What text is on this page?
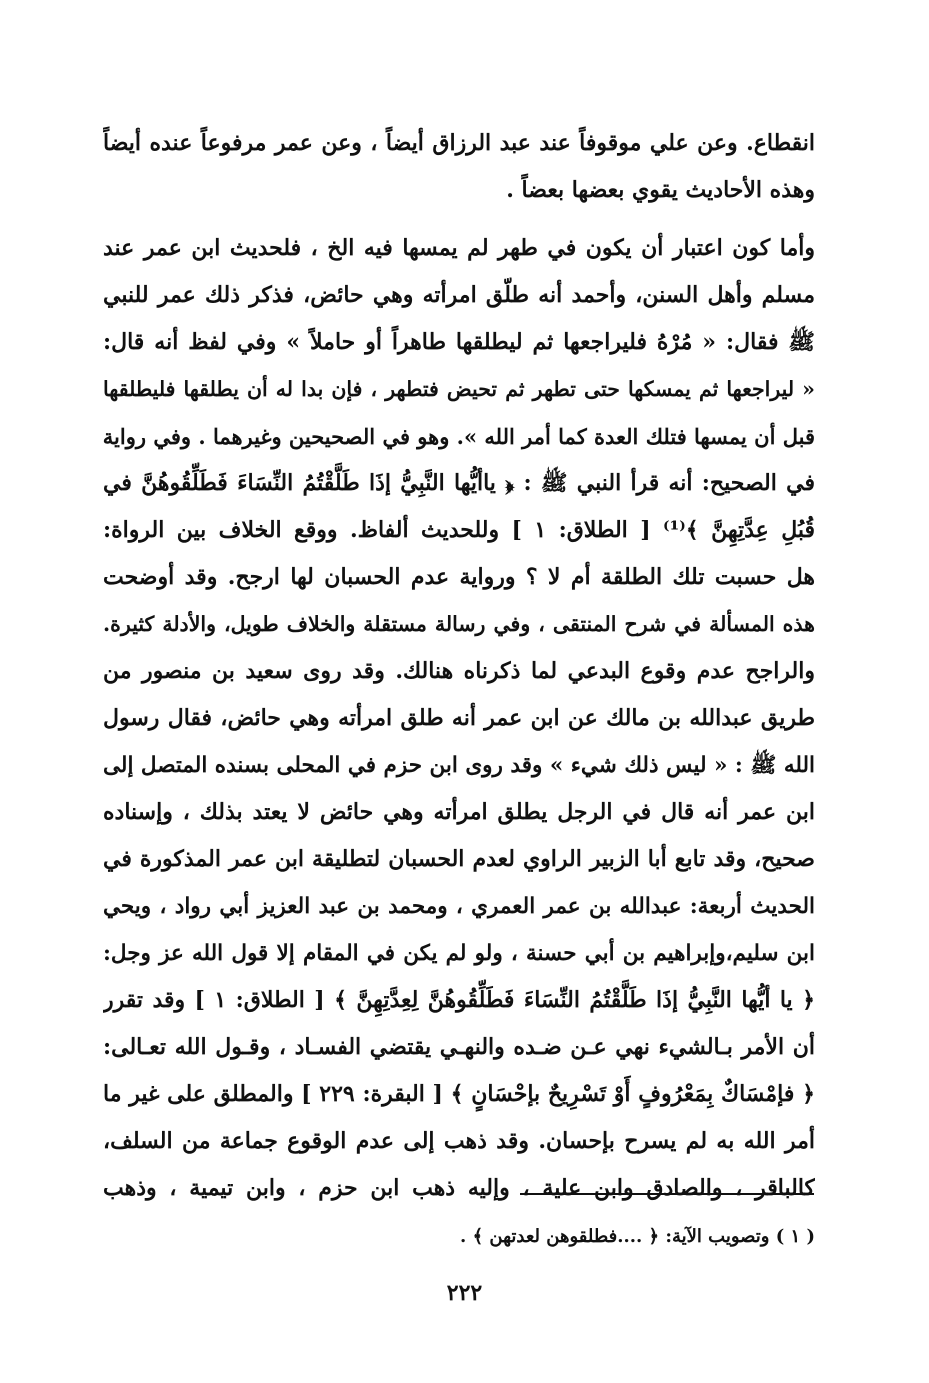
انقطاع. وعن علي موقوفاً عند عبد الرزاق أيضاً ، وعن عمر مرفوعاً عنده أيضاً
وهذه الأحاديث يقوي بعضها بعضاً .
وأما كون اعتبار أن يكون في طهر لم يمسها فيه الخ ، فلحديث ابن عمر عند
مسلم وأهل السنن، وأحمد أنه طلّق امرأته وهي حائض، فذكر ذلك عمر للنبي
ﷺ فقال: « مُرْهُ فليراجعها ثم ليطلقها طاهراً أو حاملاً » وفي لفظ أنه قال:
« ليراجعها ثم يمسكها حتى تطهر ثم تحيض فتطهر ، فإن بدا له أن يطلقها فليطلقها
قبل أن يمسها فتلك العدة كما أمر الله ». وهو في الصحيحين وغيرهما . وفي رواية
في الصحيح: أنه قرأ النبي ﷺ : ﴿ ياأيُّها النَّبِيُّ إذَا طَلَّقْتُمُ النِّسَاءَ فَطَلِّقُوهُنَّ في
قُبُلِ عِدَّتِهِنَّ ﴾⁽¹⁾ [ الطلاق: ١ ] وللحديث ألفاظ. ووقع الخلاف بين الرواة:
هل حسبت تلك الطلقة أم لا ؟ ورواية عدم الحسبان لها ارجح. وقد أوضحت
هذه المسألة في شرح المنتقى ، وفي رسالة مستقلة والخلاف طويل، والأدلة كثيرة.
والراجح عدم وقوع البدعي لما ذكرناه هنالك. وقد روى سعيد بن منصور من
طريق عبدالله بن مالك عن ابن عمر أنه طلق امرأته وهي حائض، فقال رسول
الله ﷺ : « ليس ذلك شيء » وقد روى ابن حزم في المحلى بسنده المتصل إلى
ابن عمر أنه قال في الرجل يطلق امرأته وهي حائض لا يعتد بذلك ، وإسناده
صحيح، وقد تابع أبا الزبير الراوي لعدم الحسبان لتطليقة ابن عمر المذكورة في
الحديث أربعة: عبدالله بن عمر العمري ، ومحمد بن عبد العزيز أبي رواد ، ويحي
ابن سليم،وإبراهيم بن أبي حسنة ، ولو لم يكن في المقام إلا قول الله عز وجل:
﴿ يا أيُّها النَّبِيُّ إذَا طَلَّقْتُمُ النِّسَاءَ فَطَلِّقُوهُنَّ لِعِدَّتِهِنَّ ﴾ [ الطلاق: ١ ] وقد تقرر
أن الأمر بـالشيء نهي عـن ضـده والنهـي يقتضي الفسـاد ، وقـول الله تعـالى:
﴿ فإمْسَاكٌ بِمَعْرُوفٍ أَوْ تَسْرِيحٌ بإحْسَانٍ ﴾ [ البقرة: ٢٢٩ ] والمطلق على غير ما
أمر الله به لم يسرح بإحسان. وقد ذهب إلى عدم الوقوع جماعة من السلف،
كالباقر ، والصادق وابن علية ، وإليه ذهب ابن حزم ، وابن تيمية ، وذهب
( ١ ) وتصويب الآية: ﴿ ....فطلقوهن لعدتهن ﴾ .
٢٢٢
